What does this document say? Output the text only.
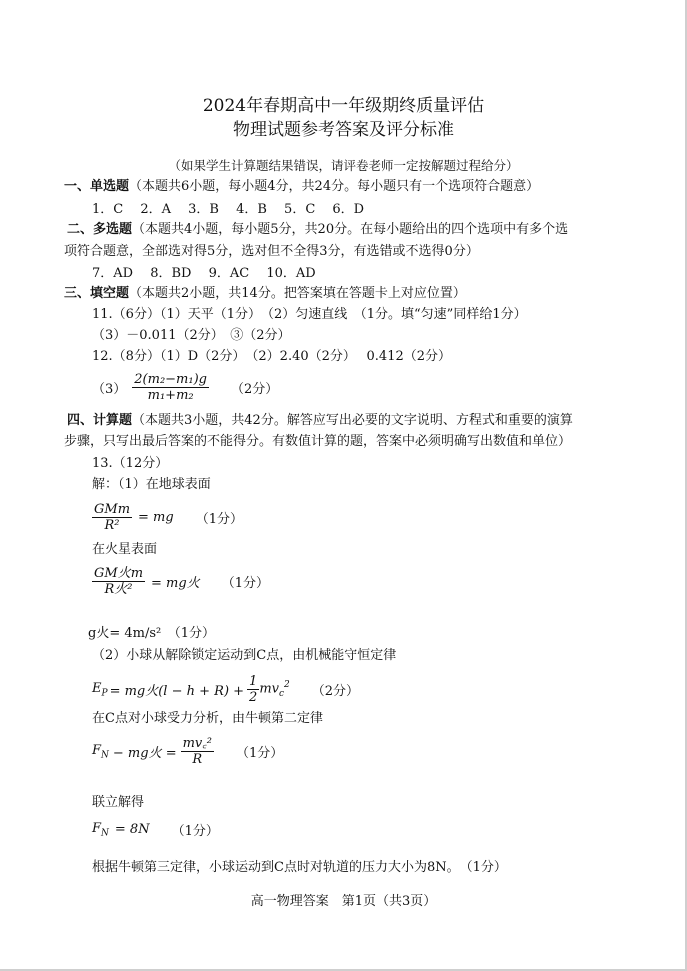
2024年春期高中一年级期终质量评估
物理试题参考答案及评分标准
（如果学生计算题结果错误，请评卷老师一定按解题过程给分）
一、单选题（本题共6小题，每小题4分，共24分。每小题只有一个选项符合题意）
1．C　 2．A　 3．B　 4．B　 5．C　 6．D
二、多选题（本题共4小题，每小题5分，共20分。在每小题给出的四个选项中有多个选
项符合题意，全部选对得5分，选对但不全得3分，有选错或不选得0分）
7．AD　 8．BD　 9．AC　 10．AD
三、填空题（本题共2小题，共14分。把答案填在答题卡上对应位置）
11.（6分）（1）天平（1分）　（2）匀速直线　（1分。填“匀速”同样给1分）
（3）－0.011（2分）　③（2分）
12.（8分）（1）D（2分）　（2）2.40（2分）　 0.412（2分）
$(3) \frac{\text{2(m₂−m₁)g}}{\text{m₁+m₂}} (2$分）
四、计算题（本题共3小题，共42分。解答应写出必要的文字说明、方程式和重要的演算
步骤，只写出最后答案的不能得分。有数值计算的题，答案中必须明确写出数值和单位）
13.（12分）
解：（1）在地球表面
$\frac{\text{GMm}}{\text{R²}}$ = mg （1分）
在火星表面
$\frac{\text{GM火m}}{\text{R火²}}$ = mg火 （1分）
g火= 4m/s²　（1分）
（2）小球从解除锁定运动到C点，由机械能守恒定律
$E_P$ = mg火$(l - h + R) + \frac{1}{2} mv_c^2$ （2分）
在C点对小球受力分析，由牛顿第二定律
$F_N$ − mg火 = $\frac{\text{mv꜀²}}{R} (1$分）
联立解得
$F_N = 8N$ （1分）
根据牛顿第三定律，小球运动到C点时对轨道的压力大小为8N。　（1分）
高一物理答案　第1页（共3页）
